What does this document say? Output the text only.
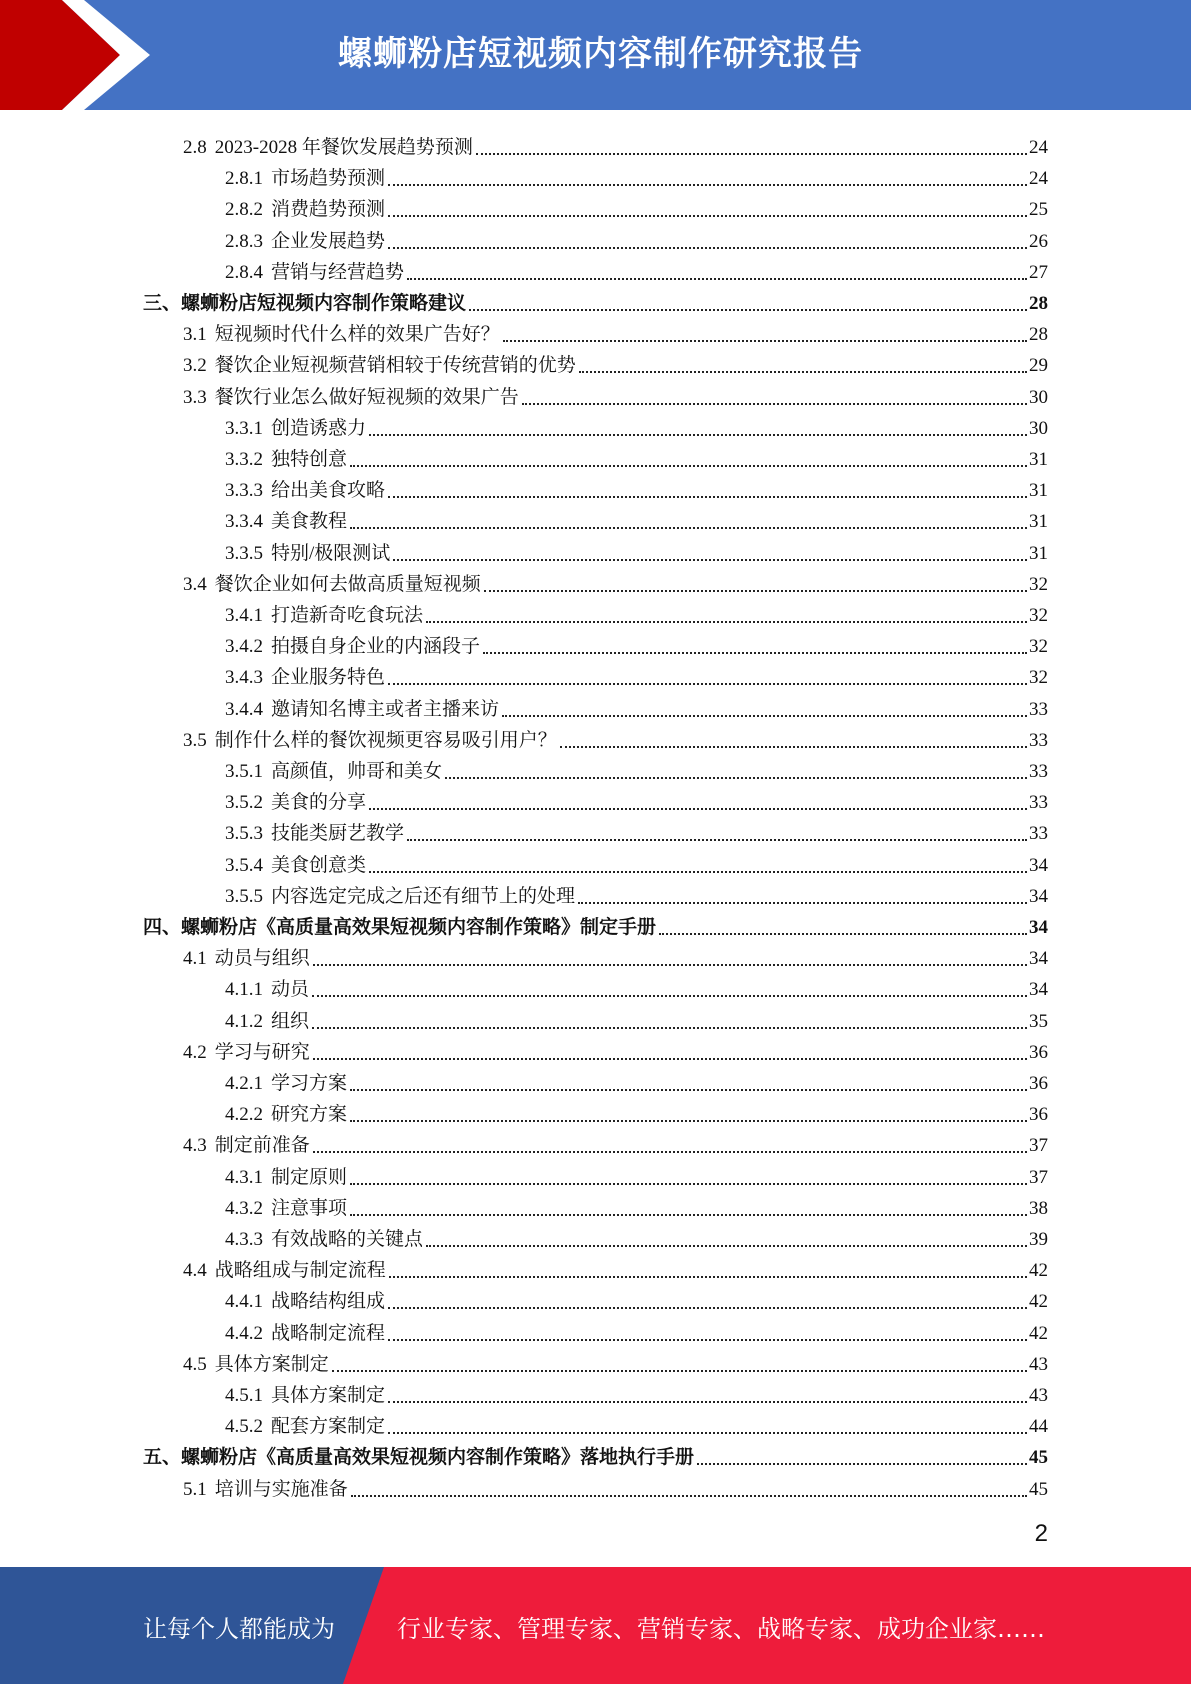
螺蛳粉店短视频内容制作研究报告
2.8 2023-2028 年餐饮发展趋势预测	24
2.8.1 市场趋势预测	24
2.8.2 消费趋势预测	25
2.8.3 企业发展趋势	26
2.8.4 营销与经营趋势	27
三、螺蛳粉店短视频内容制作策略建议	28
3.1 短视频时代什么样的效果广告好？	28
3.2 餐饮企业短视频营销相较于传统营销的优势	29
3.3 餐饮行业怎么做好短视频的效果广告	30
3.3.1 创造诱惑力	30
3.3.2 独特创意	31
3.3.3 给出美食攻略	31
3.3.4 美食教程	31
3.3.5 特别/极限测试	31
3.4 餐饮企业如何去做高质量短视频	32
3.4.1 打造新奇吃食玩法	32
3.4.2 拍摄自身企业的内涵段子	32
3.4.3 企业服务特色	32
3.4.4 邀请知名博主或者主播来访	33
3.5 制作什么样的餐饮视频更容易吸引用户？	33
3.5.1 高颜值，帅哥和美女	33
3.5.2 美食的分享	33
3.5.3 技能类厨艺教学	33
3.5.4 美食创意类	34
3.5.5 内容选定完成之后还有细节上的处理	34
四、螺蛳粉店《高质量高效果短视频内容制作策略》制定手册	34
4.1 动员与组织	34
4.1.1 动员	34
4.1.2 组织	35
4.2 学习与研究	36
4.2.1 学习方案	36
4.2.2 研究方案	36
4.3 制定前准备	37
4.3.1 制定原则	37
4.3.2 注意事项	38
4.3.3 有效战略的关键点	39
4.4 战略组成与制定流程	42
4.4.1 战略结构组成	42
4.4.2 战略制定流程	42
4.5 具体方案制定	43
4.5.1 具体方案制定	43
4.5.2 配套方案制定	44
五、螺蛳粉店《高质量高效果短视频内容制作策略》落地执行手册	45
5.1 培训与实施准备	45
2
让每个人都能成为	行业专家、管理专家、营销专家、战略专家、成功企业家……
